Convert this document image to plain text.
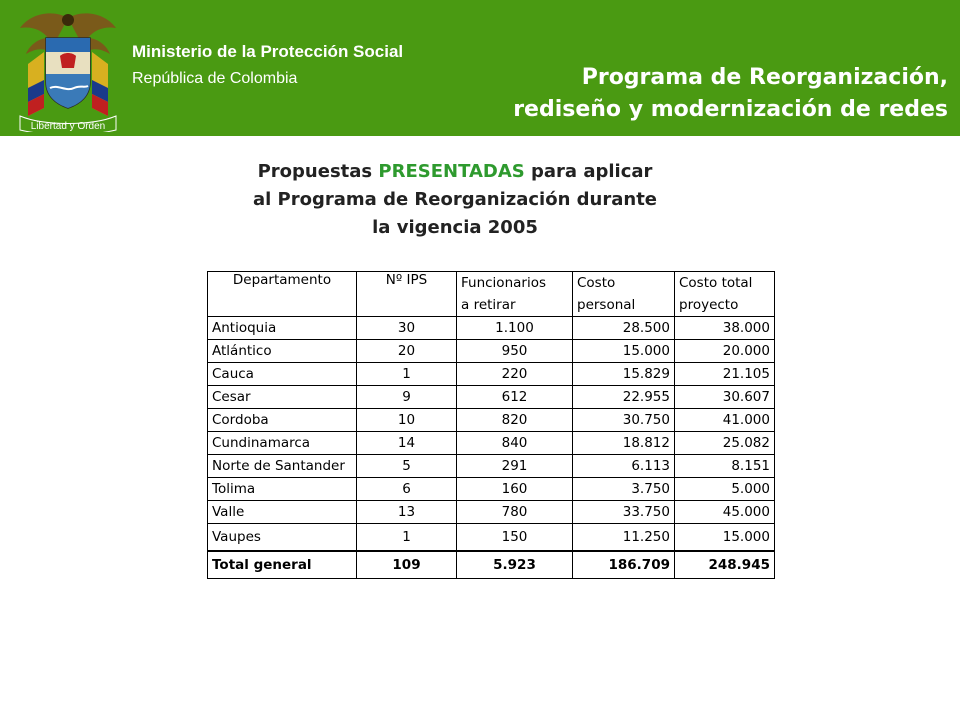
Libertad y Orden
Ministerio de la Protección Social
República de Colombia	Programa de Reorganización,
rediseño y modernización de redes
Propuestas PRESENTADAS para aplicar
al Programa de Reorganización durante
la vigencia 2005
Departamento	Nº IPS	Funcionarios	Costo	Costo total
		a retirar	personal	proyecto
Antioquia	30	1.100	28.500	38.000
Atlántico	20	950	15.000	20.000
Cauca	1	220	15.829	21.105
Cesar	9	612	22.955	30.607
Cordoba	10	820	30.750	41.000
Cundinamarca	14	840	18.812	25.082
Norte de Santander	5	291	6.113	8.151
Tolima	6	160	3.750	5.000
Valle	13	780	33.750	45.000
Vaupes	1	150	11.250	15.000
Total general	109	5.923	186.709	248.945
